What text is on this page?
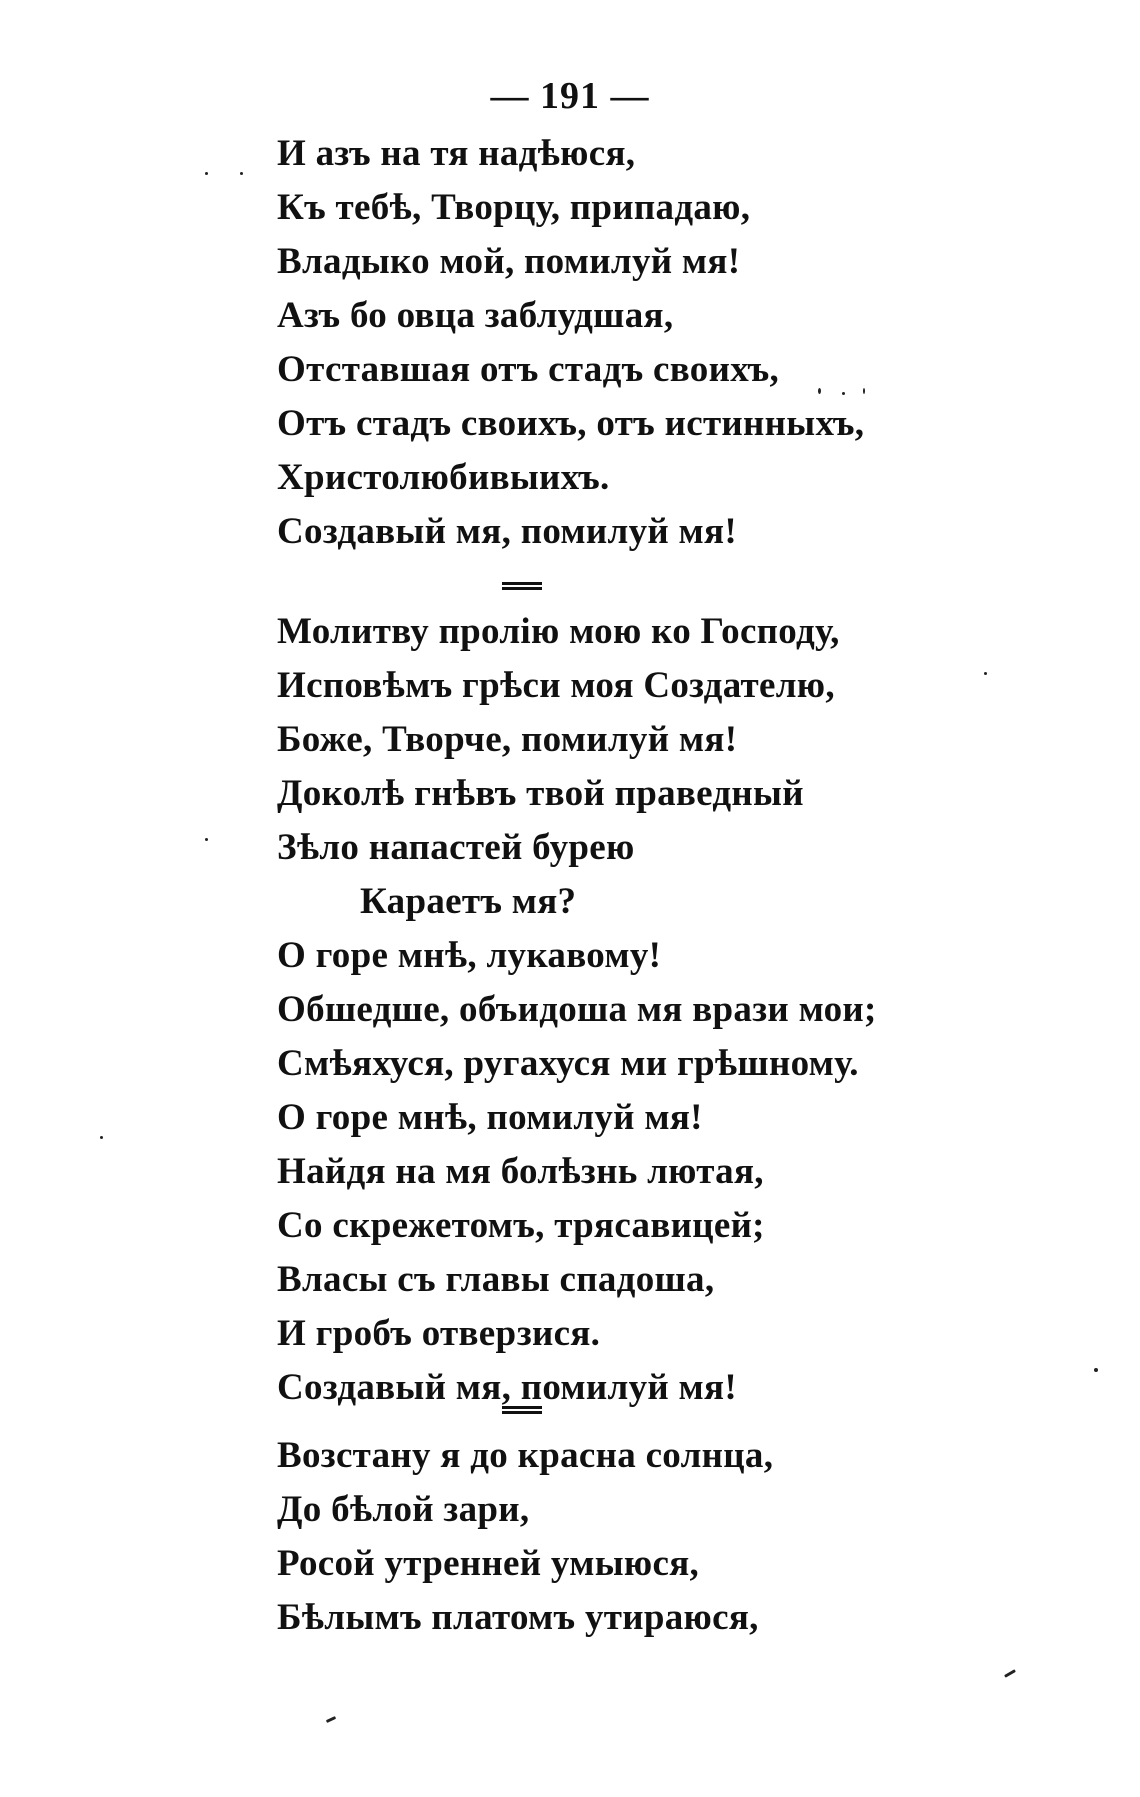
— 191 —
И азъ на тя надѣюся,
Къ тебѣ, Творцу, припадаю,
Владыко мой, помилуй мя!
Азъ бо овца заблудшая,
Отставшая отъ стадъ своихъ,
Отъ стадъ своихъ, отъ истинныхъ,
Христолюбивыихъ.
Создавый мя, помилуй мя!
Молитву пролію мою ко Господу,
Исповѣмъ грѣси моя Создателю,
Боже, Творче, помилуй мя!
Доколѣ гнѣвъ твой праведный
Зѣло напастей бурею
Караетъ мя?
О горе мнѣ, лукавому!
Обшедше, объидоша мя врази мои;
Смѣяхуся, ругахуся ми грѣшному.
О горе мнѣ, помилуй мя!
Найдя на мя болѣзнь лютая,
Со скрежетомъ, трясавицей;
Власы съ главы спадоша,
И гробъ отверзися.
Создавый мя, помилуй мя!
Возстану я до красна солнца,
До бѣлой зари,
Росой утренней умыюся,
Бѣлымъ платомъ утираюся,
